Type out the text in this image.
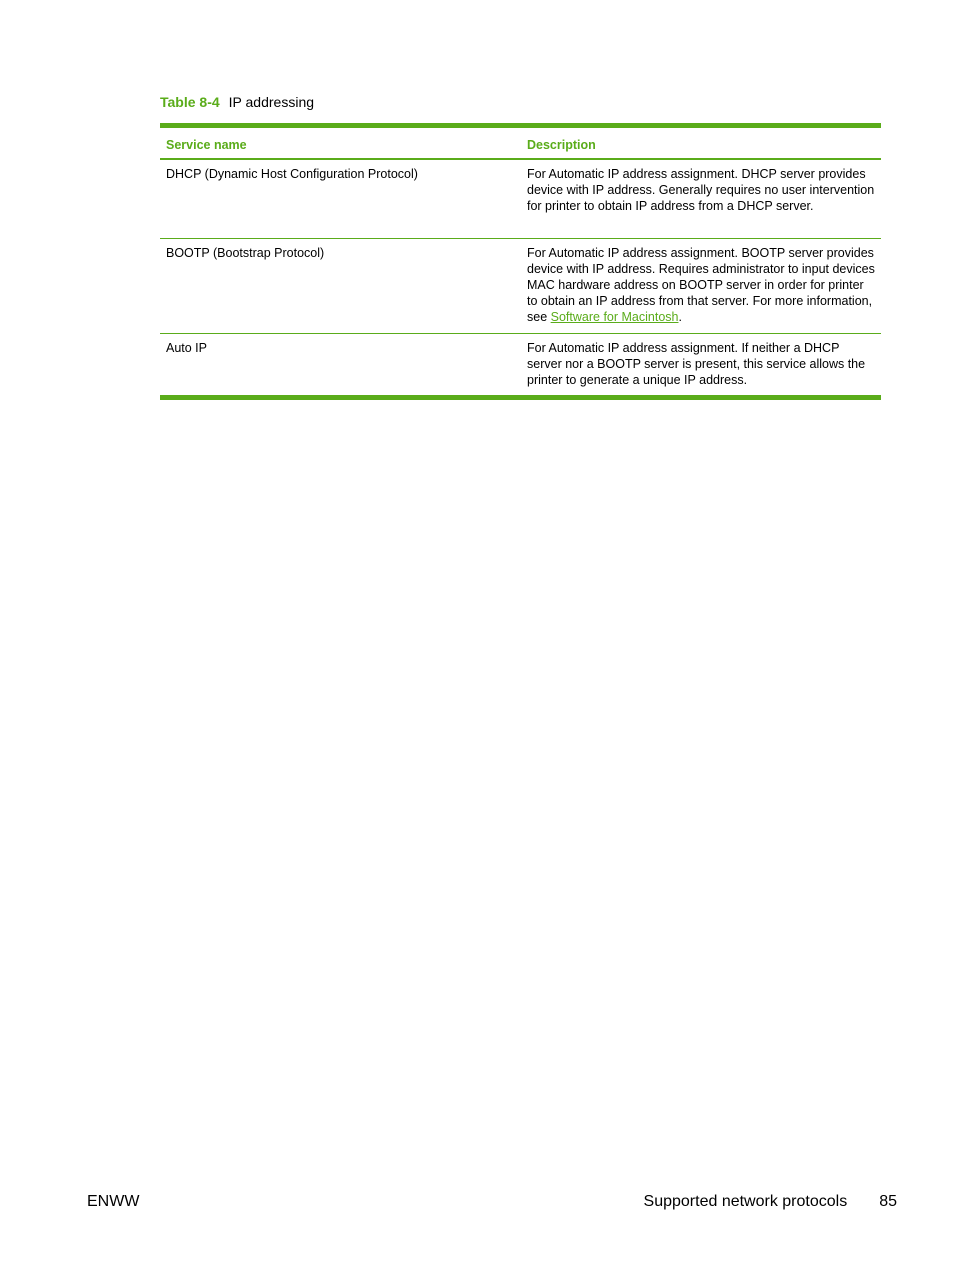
Table 8-4 IP addressing
Service name	Description
DHCP (Dynamic Host Configuration Protocol)	For Automatic IP address assignment. DHCP server provides device with IP address. Generally requires no user intervention for printer to obtain IP address from a DHCP server.
BOOTP (Bootstrap Protocol)	For Automatic IP address assignment. BOOTP server provides device with IP address. Requires administrator to input devices MAC hardware address on BOOTP server in order for printer to obtain an IP address from that server. For more information, see Software for Macintosh.
Auto IP	For Automatic IP address assignment. If neither a DHCP server nor a BOOTP server is present, this service allows the printer to generate a unique IP address.
ENWW	Supported network protocols 85
